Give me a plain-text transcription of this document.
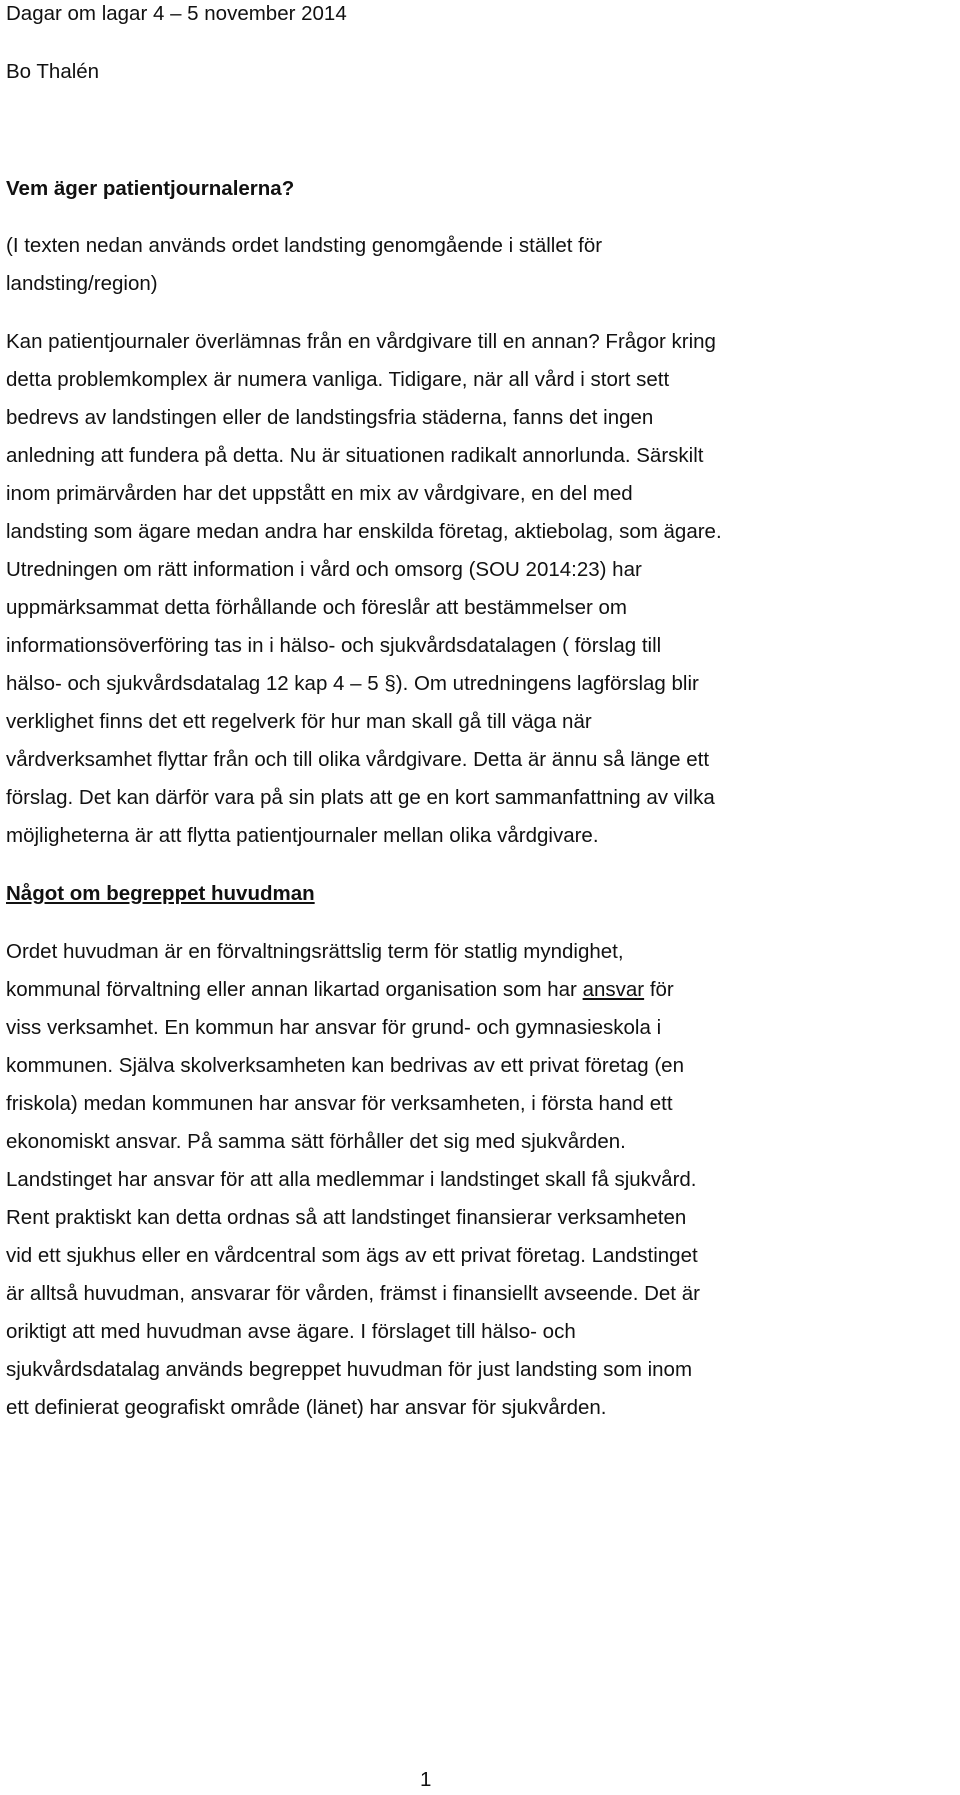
Dagar om lagar 4 – 5 november 2014

Bo Thalén

Vem äger patientjournalerna?

(I texten nedan används ordet landsting genomgående i stället för

landsting/region)

Kan patientjournaler överlämnas från en vårdgivare till en annan? Frågor kring

detta problemkomplex är numera vanliga. Tidigare, när all vård i stort sett

bedrevs av landstingen eller de landstingsfria städerna, fanns det ingen

anledning att fundera på detta. Nu är situationen radikalt annorlunda. Särskilt

inom primärvården har det uppstått en mix av vårdgivare, en del med

landsting som ägare medan andra har enskilda företag, aktiebolag, som ägare.

Utredningen om rätt information i vård och omsorg (SOU 2014:23) har

uppmärksammat detta förhållande och föreslår att bestämmelser om

informationsöverföring tas in i hälso- och sjukvårdsdatalagen ( förslag till

hälso- och sjukvårdsdatalag 12 kap 4 – 5 §). Om utredningens lagförslag blir

verklighet finns det ett regelverk för hur man skall gå till väga när

vårdverksamhet flyttar från och till olika vårdgivare. Detta är ännu så länge ett

förslag. Det kan därför vara på sin plats att ge en kort sammanfattning av vilka

möjligheterna är att flytta patientjournaler mellan olika vårdgivare.

Något om begreppet huvudman

Ordet huvudman är en förvaltningsrättslig term för statlig myndighet,

kommunal förvaltning eller annan likartad organisation som har ansvar för

viss verksamhet. En kommun har ansvar för grund- och gymnasieskola i

kommunen. Själva skolverksamheten kan bedrivas av ett privat företag (en

friskola) medan kommunen har ansvar för verksamheten, i första hand ett

ekonomiskt ansvar. På samma sätt förhåller det sig med sjukvården.

Landstinget har ansvar för att alla medlemmar i landstinget skall få sjukvård.

Rent praktiskt kan detta ordnas så att landstinget finansierar verksamheten

vid ett sjukhus eller en vårdcentral som ägs av ett privat företag. Landstinget

är alltså huvudman, ansvarar för vården, främst i finansiellt avseende. Det är

oriktigt att med huvudman avse ägare. I förslaget till hälso- och

sjukvårdsdatalag används begreppet huvudman för just landsting som inom

ett definierat geografiskt område (länet) har ansvar för sjukvården.

1
